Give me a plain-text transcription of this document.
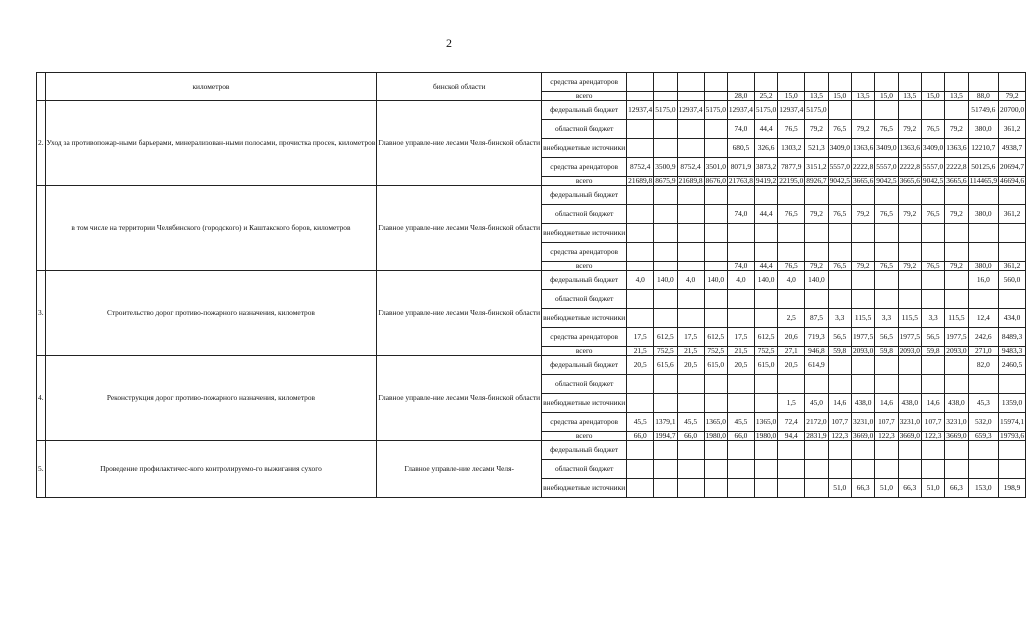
2
	километров	бинской области	средства арендаторов																
			всего					28,0	25,2	15,0	13,5	15,0	13,5	15,0	13,5	15,0	13,5	88,0	79,2
2.	Уход за противопожар-ными барьерами, минерализован-ными полосами, прочистка просек, километров	Главное управле-ние лесами Челя-бинской области	федеральный бюджет	12937,4	5175,0	12937,4	5175,0	12937,4	5175,0	12937,4	5175,0							51749,6	20700,0
			областной бюджет					74,0	44,4	76,5	79,2	76,5	79,2	76,5	79,2	76,5	79,2	380,0	361,2
			внебюджетные источники					680,5	326,6	1303,2	521,3	3409,0	1363,6	3409,0	1363,6	3409,0	1363,6	12210,7	4938,7
			средства арендаторов	8752,4	3500,9	8752,4	3501,0	8071,9	3873,2	7877,9	3151,2	5557,0	2222,8	5557,0	2222,8	5557,0	2222,8	50125,6	20694,7
			всего	21689,8	8675,9	21689,8	8676,0	21763,8	9419,2	22195,0	8926,7	9042,5	3665,6	9042,5	3665,6	9042,5	3665,6	114465,9	46694,6
	в том числе на территории Челябинского (городского) и Каштакского боров, километров	Главное управле-ние лесами Челя-бинской области	федеральный бюджет																
			областной бюджет					74,0	44,4	76,5	79,2	76,5	79,2	76,5	79,2	76,5	79,2	380,0	361,2
			внебюджетные источники																
			средства арендаторов																
			всего					74,0	44,4	76,5	79,2	76,5	79,2	76,5	79,2	76,5	79,2	380,0	361,2
3.	Строительство дорог противо-пожарного назначения, километров	Главное управле-ние лесами Челя-бинской области	федеральный бюджет	4,0	140,0	4,0	140,0	4,0	140,0	4,0	140,0							16,0	560,0
			областной бюджет																
			внебюджетные источники							2,5	87,5	3,3	115,5	3,3	115,5	3,3	115,5	12,4	434,0
			средства арендаторов	17,5	612,5	17,5	612,5	17,5	612,5	20,6	719,3	56,5	1977,5	56,5	1977,5	56,5	1977,5	242,6	8489,3
			всего	21,5	752,5	21,5	752,5	21,5	752,5	27,1	946,8	59,8	2093,0	59,8	2093,0	59,8	2093,0	271,0	9483,3
4.	Реконструкция дорог противо-пожарного назначения, километров	Главное управле-ние лесами Челя-бинской области	федеральный бюджет	20,5	615,6	20,5	615,0	20,5	615,0	20,5	614,9							82,0	2460,5
			областной бюджет																
			внебюджетные источники							1,5	45,0	14,6	438,0	14,6	438,0	14,6	438,0	45,3	1359,0
			средства арендаторов	45,5	1379,1	45,5	1365,0	45,5	1365,0	72,4	2172,0	107,7	3231,0	107,7	3231,0	107,7	3231,0	532,0	15974,1
			всего	66,0	1994,7	66,0	1980,0	66,0	1980,0	94,4	2831,9	122,3	3669,0	122,3	3669,0	122,3	3669,0	659,3	19793,6
5.	Проведение профилактичес-кого контролируемо-го выжигания сухого	Главное управле-ние лесами Челя-	федеральный бюджет																
			областной бюджет																
			внебюджетные источники									51,0	66,3	51,0	66,3	51,0	66,3	153,0	198,9
